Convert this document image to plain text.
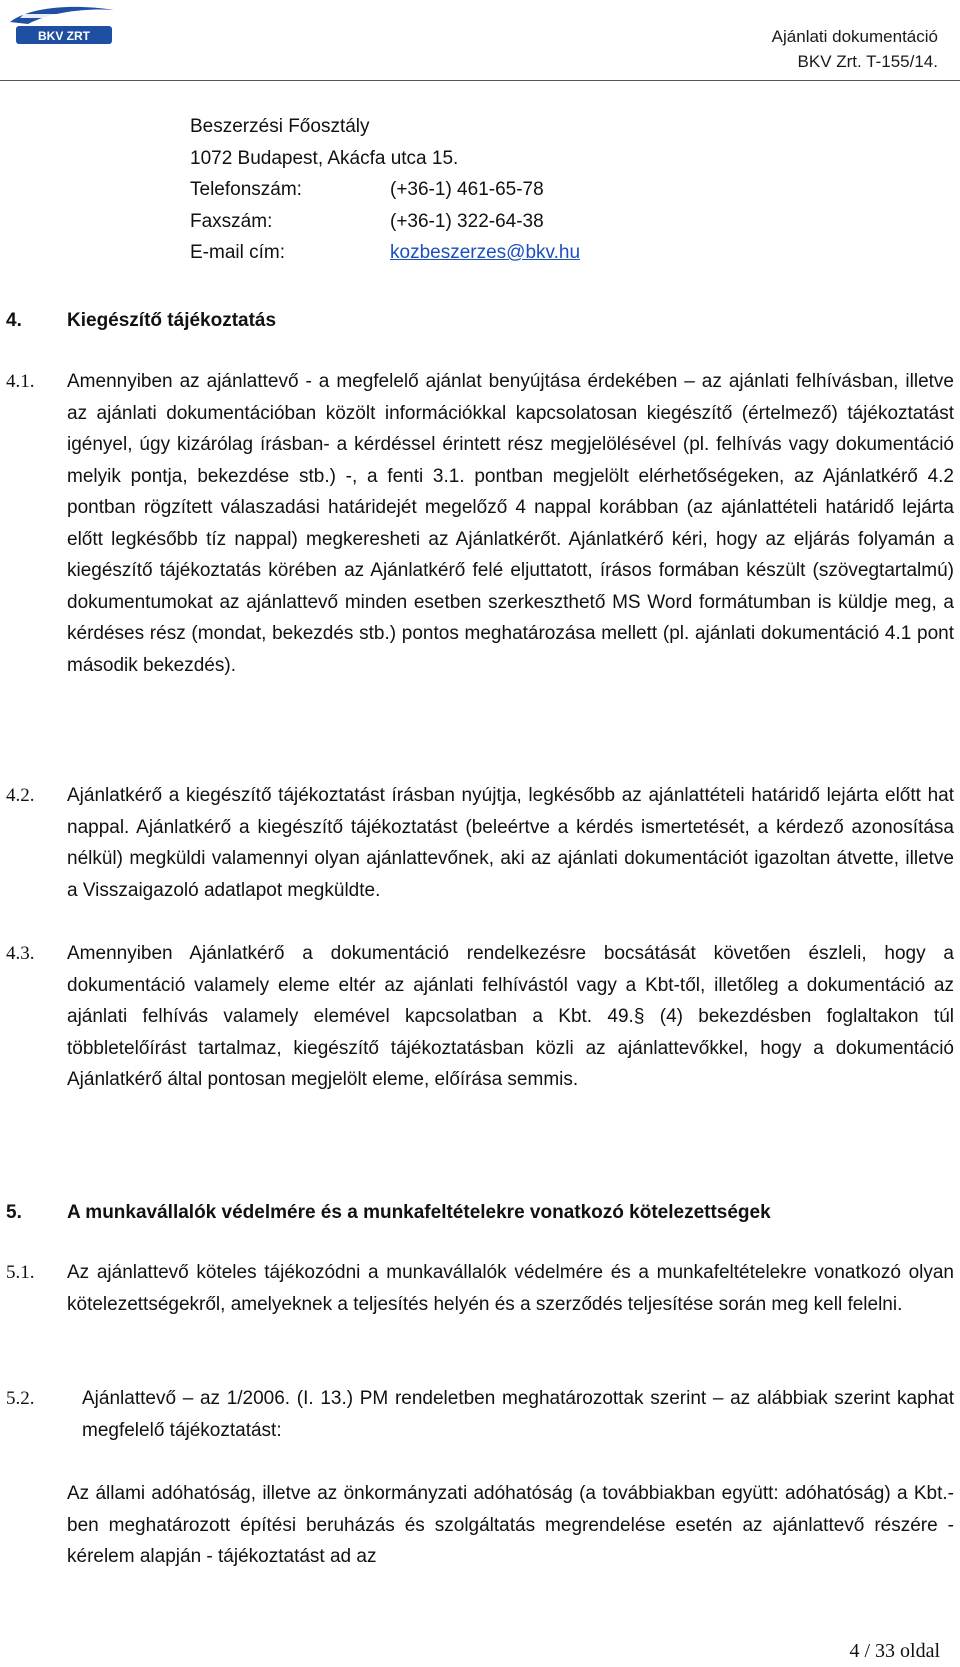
BKV ZRT	Ajánlati dokumentáció
BKV Zrt. T-155/14.
Beszerzési Főosztály
1072 Budapest, Akácfa utca 15.
Telefonszám:	(+36-1) 461-65-78
Faxszám:	(+36-1) 322-64-38
E-mail cím:	kozbeszerzes@bkv.hu
4. Kiegészítő tájékoztatás
4.1. Amennyiben az ajánlattevő - a megfelelő ajánlat benyújtása érdekében – az ajánlati felhívásban, illetve az ajánlati dokumentációban közölt információkkal kapcsolatosan kiegészítő (értelmező) tájékoztatást igényel, úgy kizárólag írásban- a kérdéssel érintett rész megjelölésével (pl. felhívás vagy dokumentáció melyik pontja, bekezdése stb.) -, a fenti 3.1. pontban megjelölt elérhetőségeken, az Ajánlatkérő 4.2 pontban rögzített válaszadási határidejét megelőző 4 nappal korábban (az ajánlattételi határidő lejárta előtt legkésőbb tíz nappal) megkeresheti az Ajánlatkérőt. Ajánlatkérő kéri, hogy az eljárás folyamán a kiegészítő tájékoztatás körében az Ajánlatkérő felé eljuttatott, írásos formában készült (szövegtartalmú) dokumentumokat az ajánlattevő minden esetben szerkeszthető MS Word formátumban is küldje meg, a kérdéses rész (mondat, bekezdés stb.) pontos meghatározása mellett (pl. ajánlati dokumentáció 4.1 pont második bekezdés).
4.2. Ajánlatkérő a kiegészítő tájékoztatást írásban nyújtja, legkésőbb az ajánlattételi határidő lejárta előtt hat nappal. Ajánlatkérő a kiegészítő tájékoztatást (beleértve a kérdés ismertetését, a kérdező azonosítása nélkül) megküldi valamennyi olyan ajánlattevőnek, aki az ajánlati dokumentációt igazoltan átvette, illetve a Visszaigazoló adatlapot megküldte.
4.3. Amennyiben Ajánlatkérő a dokumentáció rendelkezésre bocsátását követően észleli, hogy a dokumentáció valamely eleme eltér az ajánlati felhívástól vagy a Kbt-től, illetőleg a dokumentáció az ajánlati felhívás valamely elemével kapcsolatban a Kbt. 49.§ (4) bekezdésben foglaltakon túl többletelőírást tartalmaz, kiegészítő tájékoztatásban közli az ajánlattevőkkel, hogy a dokumentáció Ajánlatkérő által pontosan megjelölt eleme, előírása semmis.
5. A munkavállalók védelmére és a munkafeltételekre vonatkozó kötelezettségek
5.1. Az ajánlattevő köteles tájékozódni a munkavállalók védelmére és a munkafeltételekre vonatkozó olyan kötelezettségekről, amelyeknek a teljesítés helyén és a szerződés teljesítése során meg kell felelni.
5.2.	Ajánlattevő – az 1/2006. (I. 13.) PM rendeletben meghatározottak szerint – az alábbiak szerint kaphat megfelelő tájékoztatást:
Az állami adóhatóság, illetve az önkormányzati adóhatóság (a továbbiakban együtt: adóhatóság) a Kbt.-ben meghatározott építési beruházás és szolgáltatás megrendelése esetén az ajánlattevő részére - kérelem alapján - tájékoztatást ad az
4 / 33 oldal
